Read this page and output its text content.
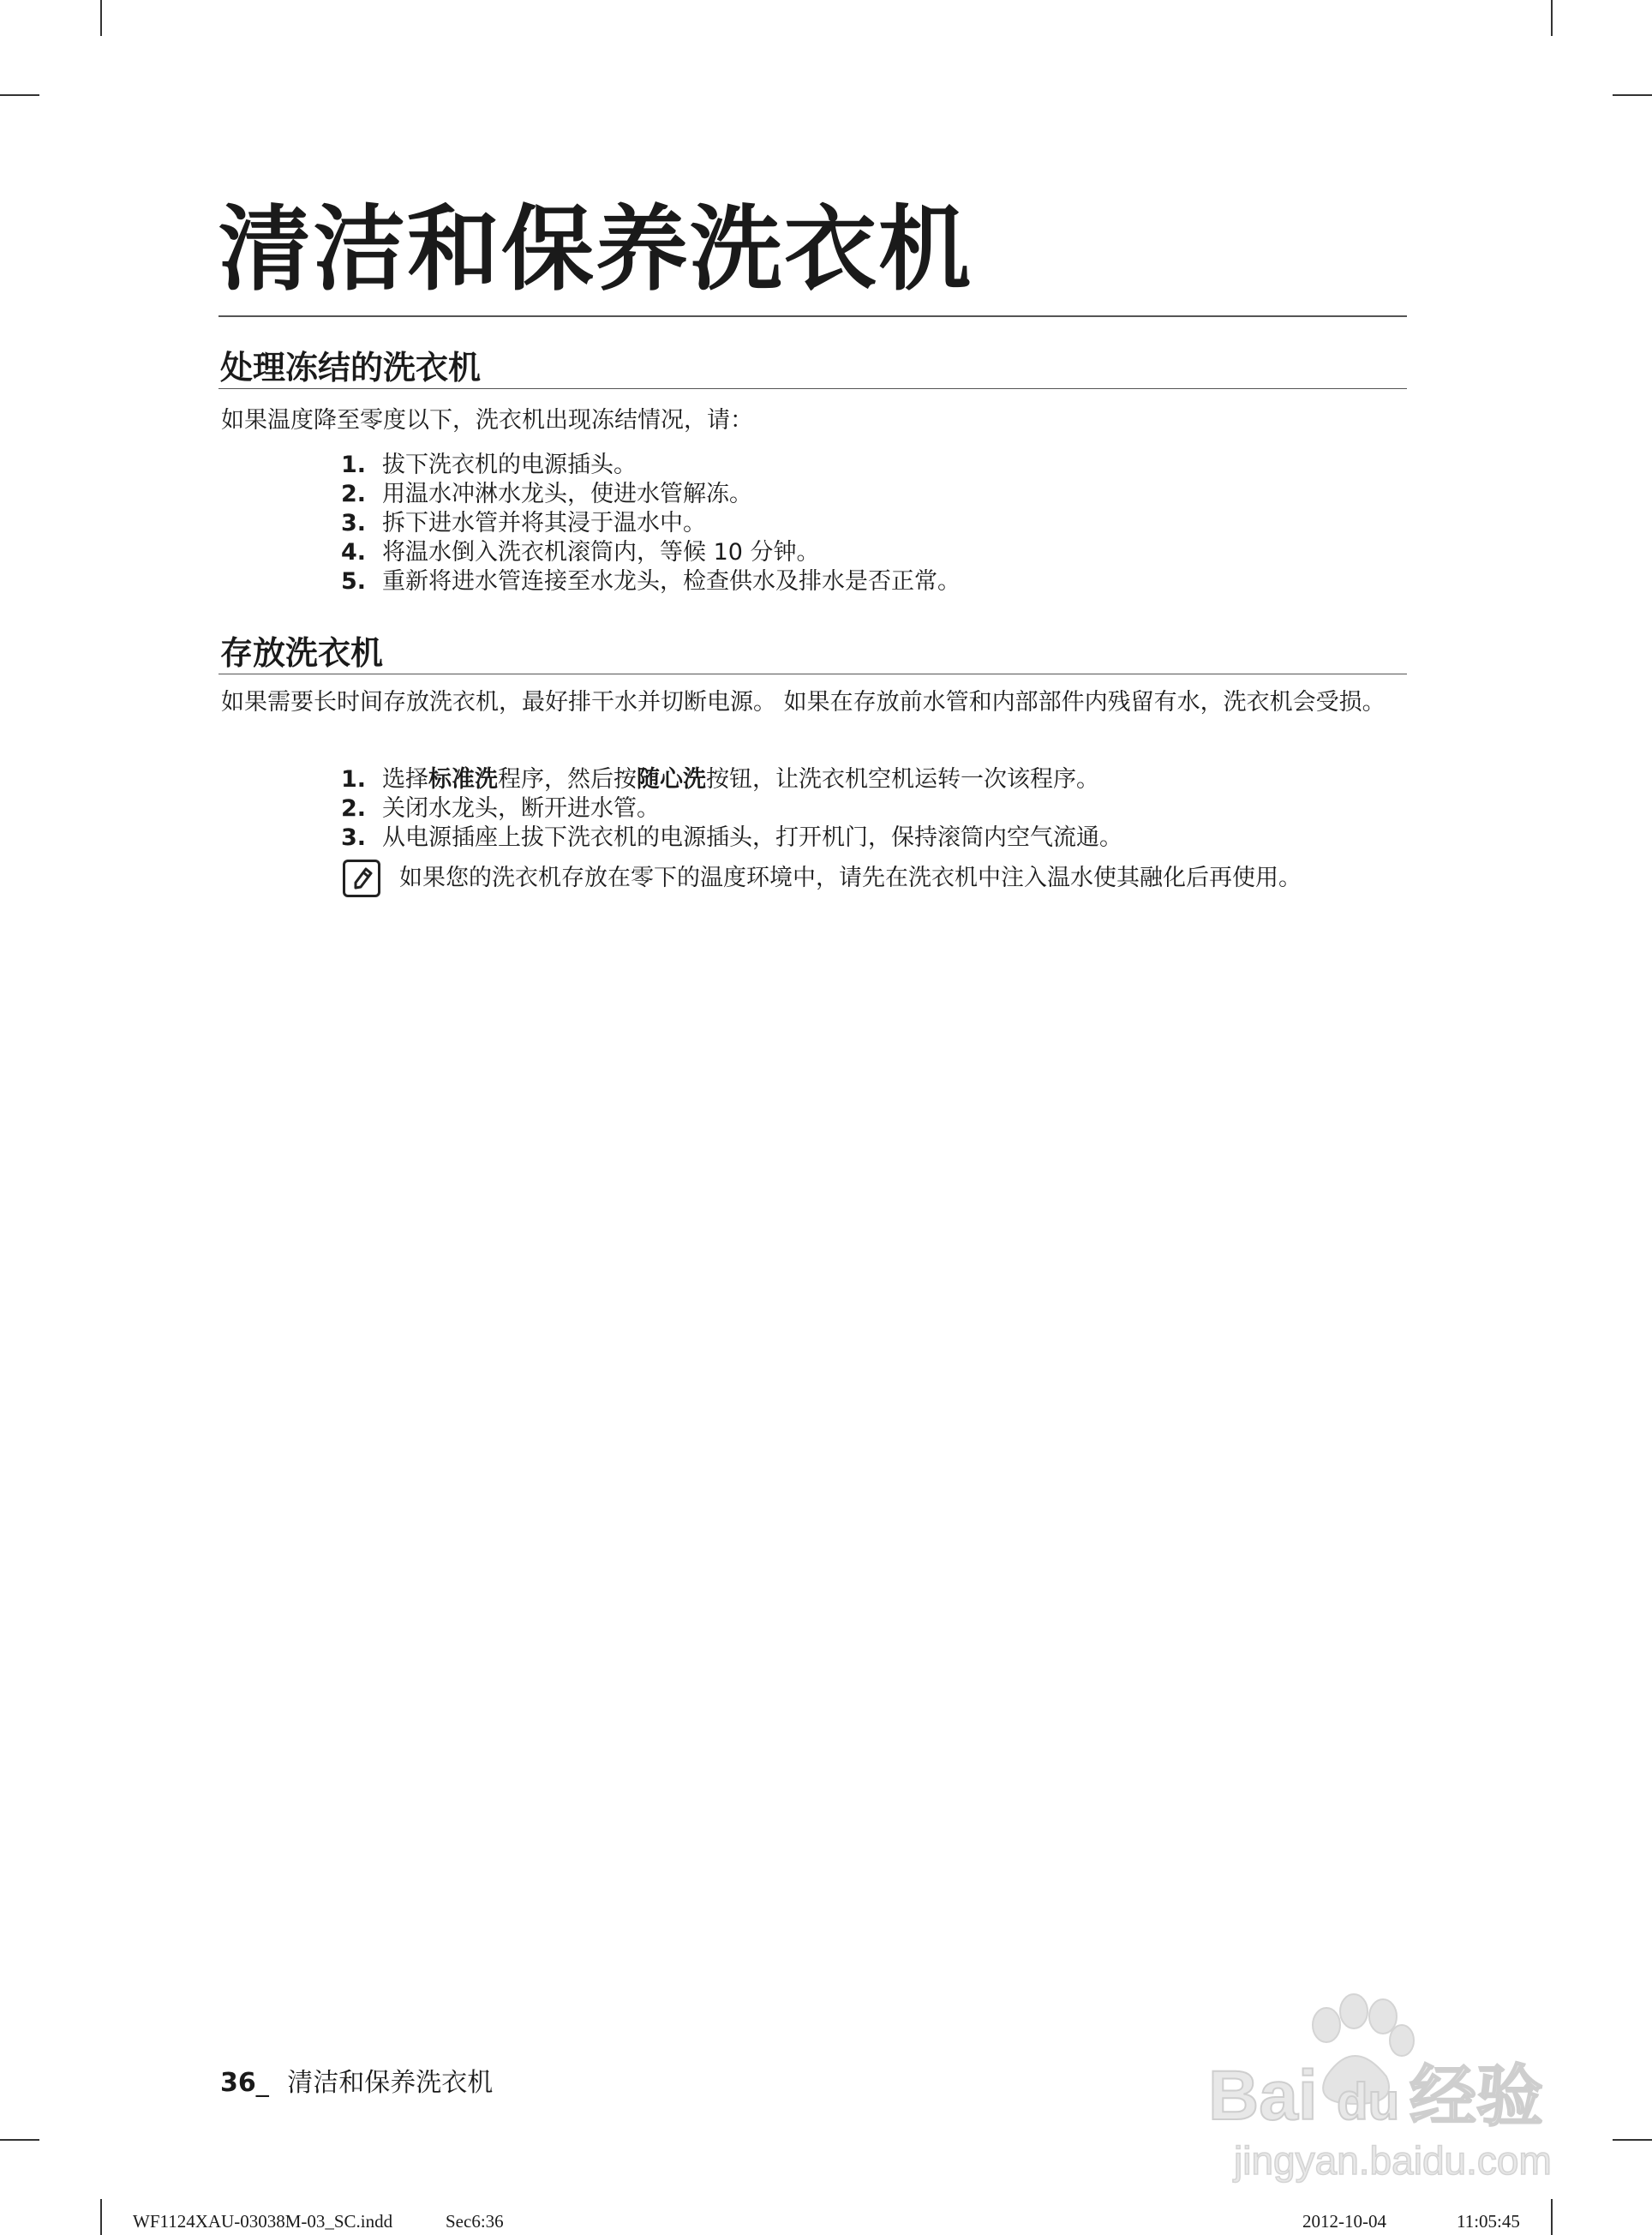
清洁和保养洗衣机
处理冻结的洗衣机
如果温度降至零度以下，洗衣机出现冻结情况，请：
1. 拔下洗衣机的电源插头。
2. 用温水冲淋水龙头，使进水管解冻。
3. 拆下进水管并将其浸于温水中。
4. 将温水倒入洗衣机滚筒内，等候 10 分钟。
5. 重新将进水管连接至水龙头，检查供水及排水是否正常。
存放洗衣机
如果需要长时间存放洗衣机，最好排干水并切断电源。 如果在存放前水管和内部部件内残留有水，洗衣机会受损。
1. 选择标准洗程序，然后按随心洗按钮，让洗衣机空机运转一次该程序。
2. 关闭水龙头，断开进水管。
3. 从电源插座上拔下洗衣机的电源插头，打开机门，保持滚筒内空气流通。
如果您的洗衣机存放在零下的温度环境中，请先在洗衣机中注入温水使其融化后再使用。
36_ 清洁和保养洗衣机
WF1124XAU-03038M-03_SC.indd	Sec6:36	2012-10-04	11:05:45
Bai du 经验
jingyan.baidu.com
